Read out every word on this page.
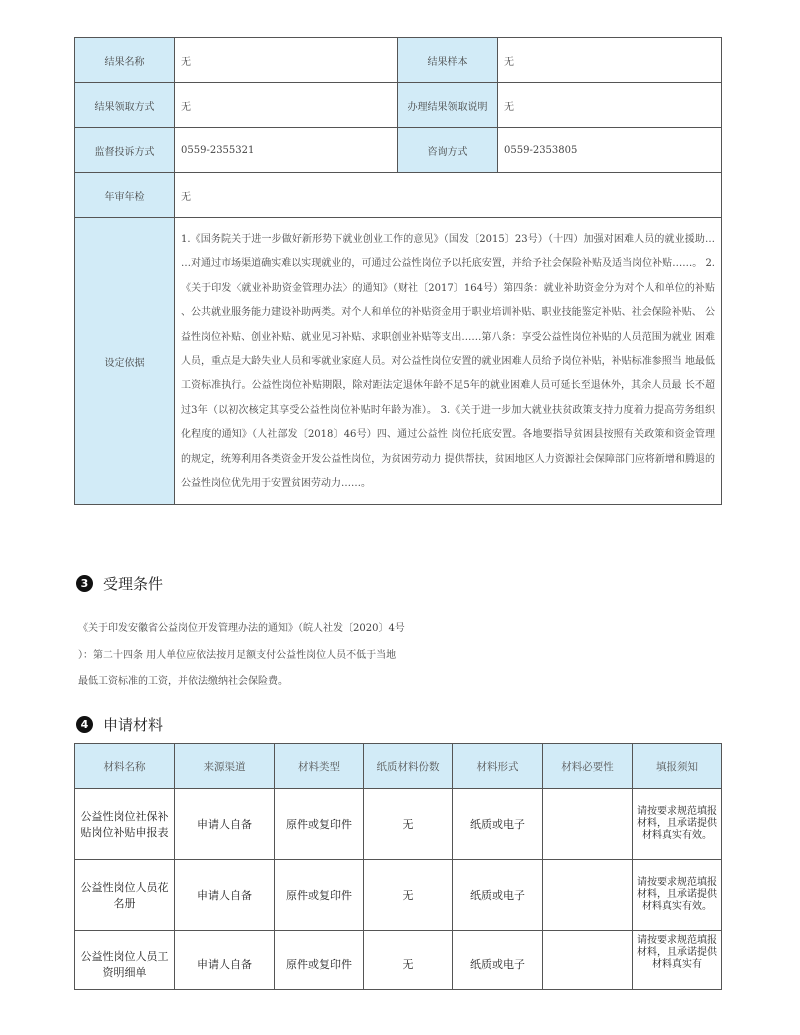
结果名称	无	结果样本	无
结果领取方式	无	办理结果领取说明	无
监督投诉方式	0559-2355321	咨询方式	0559-2353805
年审年检	无		
设定依据	1.《国务院关于进一步做好新形势下就业创业工作的意见》（国发〔2015〕23号）（十四）加强对困难人员的就业援助… …对通过市场渠道确实难以实现就业的，可通过公益性岗位予以托底安置，并给予社会保险补贴及适当岗位补贴……。 2.《关于印发〈就业补助资金管理办法〉的通知》（财社〔2017〕164号）第四条：就业补助资金分为对个人和单位的补贴 、公共就业服务能力建设补助两类。对个人和单位的补贴资金用于职业培训补贴、职业技能鉴定补贴、社会保险补贴、 公益性岗位补贴、创业补贴、就业见习补贴、求职创业补贴等支出……第八条：享受公益性岗位补贴的人员范围为就业 困难人员，重点是大龄失业人员和零就业家庭人员。对公益性岗位安置的就业困难人员给予岗位补贴，补贴标准参照当 地最低工资标准执行。公益性岗位补贴期限，除对距法定退休年龄不足5年的就业困难人员可延长至退休外，其余人员最 长不超过3年（以初次核定其享受公益性岗位补贴时年龄为准）。 3.《关于进一步加大就业扶贫政策支持力度着力提高劳务组织化程度的通知》（人社部发〔2018〕46号）四、通过公益性 岗位托底安置。各地要指导贫困县按照有关政策和资金管理的规定，统筹利用各类资金开发公益性岗位，为贫困劳动力 提供帮扶，贫困地区人力资源社会保障部门应将新增和腾退的公益性岗位优先用于安置贫困劳动力……。		
3 受理条件
《关于印发安徽省公益岗位开发管理办法的通知》（皖人社发〔2020〕4号
）：第二十四条 用人单位应依法按月足额支付公益性岗位人员不低于当地
最低工资标准的工资，并依法缴纳社会保险费。
4 申请材料
材料名称	来源渠道	材料类型	纸质材料份数	材料形式	材料必要性	填报须知
公益性岗位社保补贴岗位补贴申报表	申请人自备	原件或复印件	无	纸质或电子		请按要求规范填报材料，且承诺提供材料真实有效。
公益性岗位人员花名册	申请人自备	原件或复印件	无	纸质或电子		请按要求规范填报材料，且承诺提供材料真实有效。
公益性岗位人员工资明细单	申请人自备	原件或复印件	无	纸质或电子		请按要求规范填报材料，且承诺提供材料真实有
